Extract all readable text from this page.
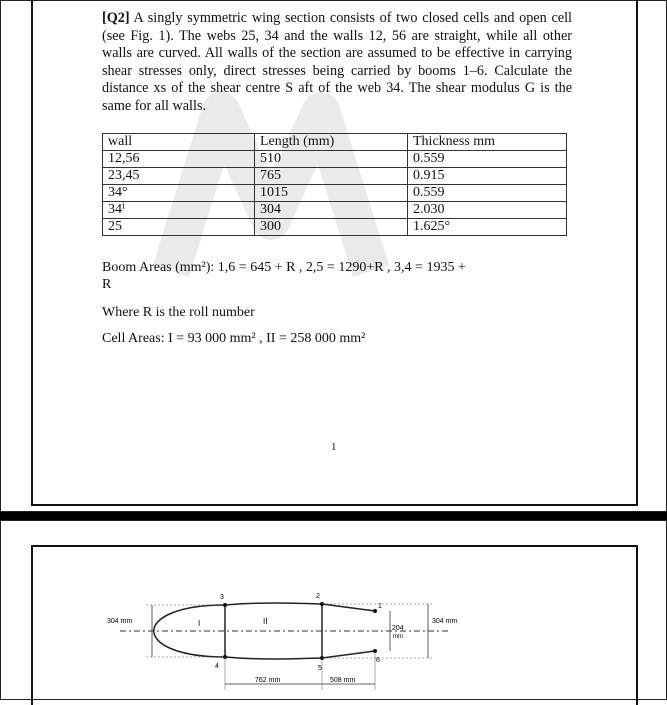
[Q2] A singly symmetric wing section consists of two closed cells and open cell (see Fig. 1). The webs 25, 34 and the walls 12, 56 are straight, while all other walls are curved. All walls of the section are assumed to be effective in carrying shear stresses only, direct stresses being carried by booms 1–6. Calculate the distance xs of the shear centre S aft of the web 34. The shear modulus G is the same for all walls.
wall	Length (mm)	Thickness mm
12,56	510	0.559
23,45	765	0.915
34°	1015	0.559
34ⁱ	304	2.030
25	300	1.625°
Boom Areas (mm²): 1,6 = 645 + R , 2,5 = 1290+R , 3,4 = 1935 +
R
Where R is the roll number
Cell Areas: I = 93 000 mm² , II = 258 000 mm²
1
1
2
3
4	5
6
I	II
304 mm	304 mm
204
mm
762 mm	508 mm
